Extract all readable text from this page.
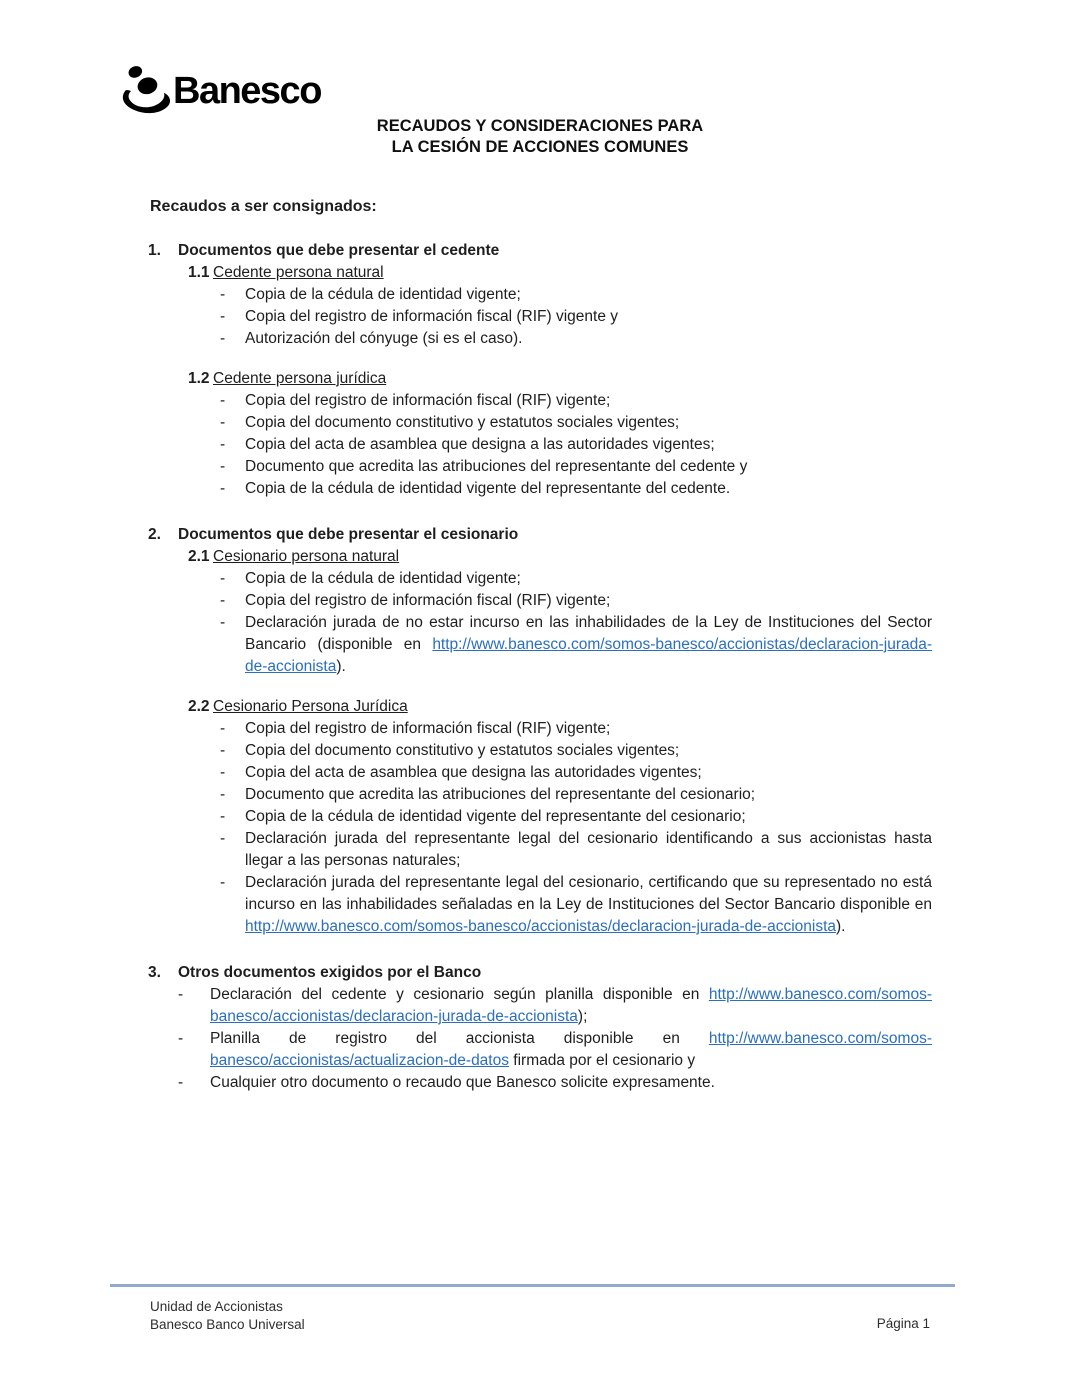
Banesco
RECAUDOS Y CONSIDERACIONES PARA
LA CESIÓN DE ACCIONES COMUNES
Recaudos a ser consignados:
1.	Documentos que debe presentar el cedente
1.1 Cedente persona natural
-	Copia de la cédula de identidad vigente;
-	Copia del registro de información fiscal (RIF) vigente y
-	Autorización del cónyuge (si es el caso).
1.2 Cedente persona jurídica
-	Copia del registro de información fiscal (RIF) vigente;
-	Copia del documento constitutivo y estatutos sociales vigentes;
-	Copia del acta de asamblea que designa a las autoridades vigentes;
-	Documento que acredita las atribuciones del representante del cedente y
-	Copia de la cédula de identidad vigente del representante del cedente.
2.	Documentos que debe presentar el cesionario
2.1 Cesionario persona natural
-	Copia de la cédula de identidad vigente;
-	Copia del registro de información fiscal (RIF) vigente;
-	Declaración jurada de no estar incurso en las inhabilidades de la Ley de Instituciones del Sector Bancario (disponible en http://www.banesco.com/somos-banesco/accionistas/declaracion-jurada-de-accionista).
2.2 Cesionario Persona Jurídica
-	Copia del registro de información fiscal (RIF) vigente;
-	Copia del documento constitutivo y estatutos sociales vigentes;
-	Copia del acta de asamblea que designa las autoridades vigentes;
-	Documento que acredita las atribuciones del representante del cesionario;
-	Copia de la cédula de identidad vigente del representante del cesionario;
-	Declaración jurada del representante legal del cesionario identificando a sus accionistas hasta llegar a las personas naturales;
-	Declaración jurada del representante legal del cesionario, certificando que su representado no está incurso en las inhabilidades señaladas en la Ley de Instituciones del Sector Bancario disponible en http://www.banesco.com/somos-banesco/accionistas/declaracion-jurada-de-accionista).
3.	Otros documentos exigidos por el Banco
-	Declaración del cedente y cesionario según planilla disponible en http://www.banesco.com/somos-banesco/accionistas/declaracion-jurada-de-accionista);
-	Planilla de registro del accionista disponible en http://www.banesco.com/somos-banesco/accionistas/actualizacion-de-datos firmada por el cesionario y
-	Cualquier otro documento o recaudo que Banesco solicite expresamente.
Unidad de Accionistas
Banesco Banco Universal	Página 1
